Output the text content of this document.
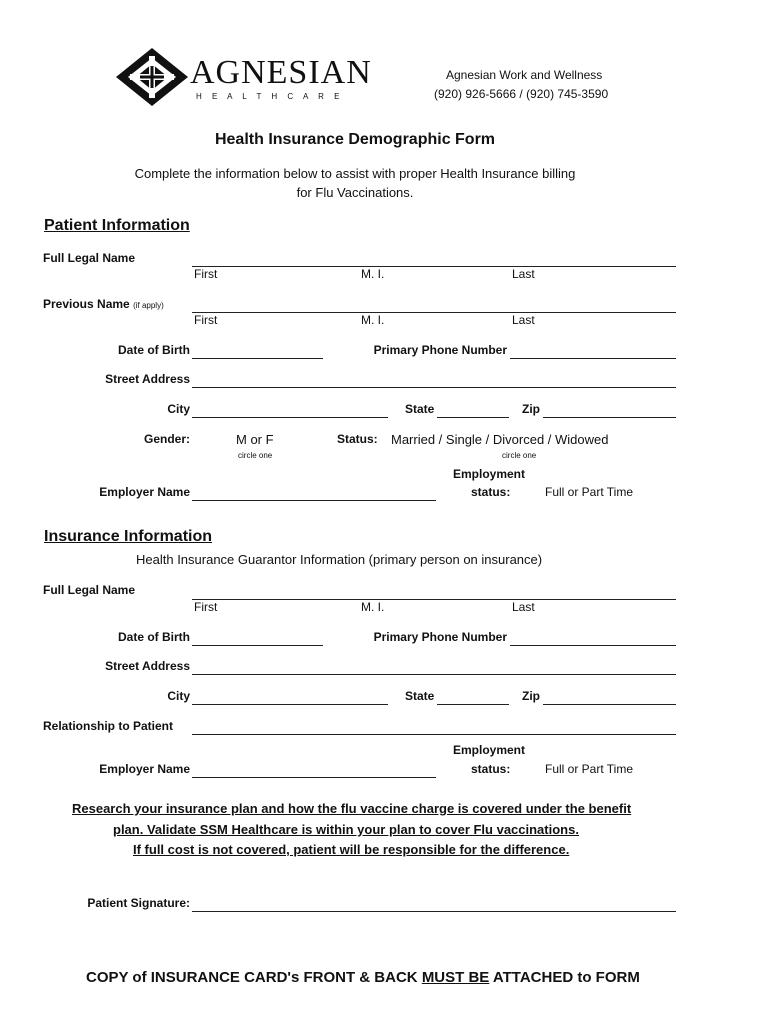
AGNESIAN
H E A L T H C A R E
Agnesian Work and Wellness
(920) 926-5666 / (920) 745-3590
Health Insurance Demographic Form
Complete the information below to assist with proper Health Insurance billing
for Flu Vaccinations.
Patient Information
Full Legal Name
First	M. I.	Last
Previous Name (if apply)
First	M. I.	Last
Date of Birth	Primary Phone Number
Street Address
City	State	Zip
Gender:	M or F
circle one
Status: Married / Single / Divorced / Widowed
circle one
Employment
status:	Full or Part Time
Employer Name
Insurance Information
Health Insurance Guarantor Information (primary person on insurance)
Full Legal Name
First	M. I.	Last
Date of Birth	Primary Phone Number
Street Address
City	State	Zip
Relationship to Patient
Employment
status:	Full or Part Time
Employer Name
Research your insurance plan and how the flu vaccine charge is covered under the benefit
plan. Validate SSM Healthcare is within your plan to cover Flu vaccinations.
If full cost is not covered, patient will be responsible for the difference.
Patient Signature:
COPY of INSURANCE CARD's FRONT & BACK MUST BE ATTACHED to FORM
